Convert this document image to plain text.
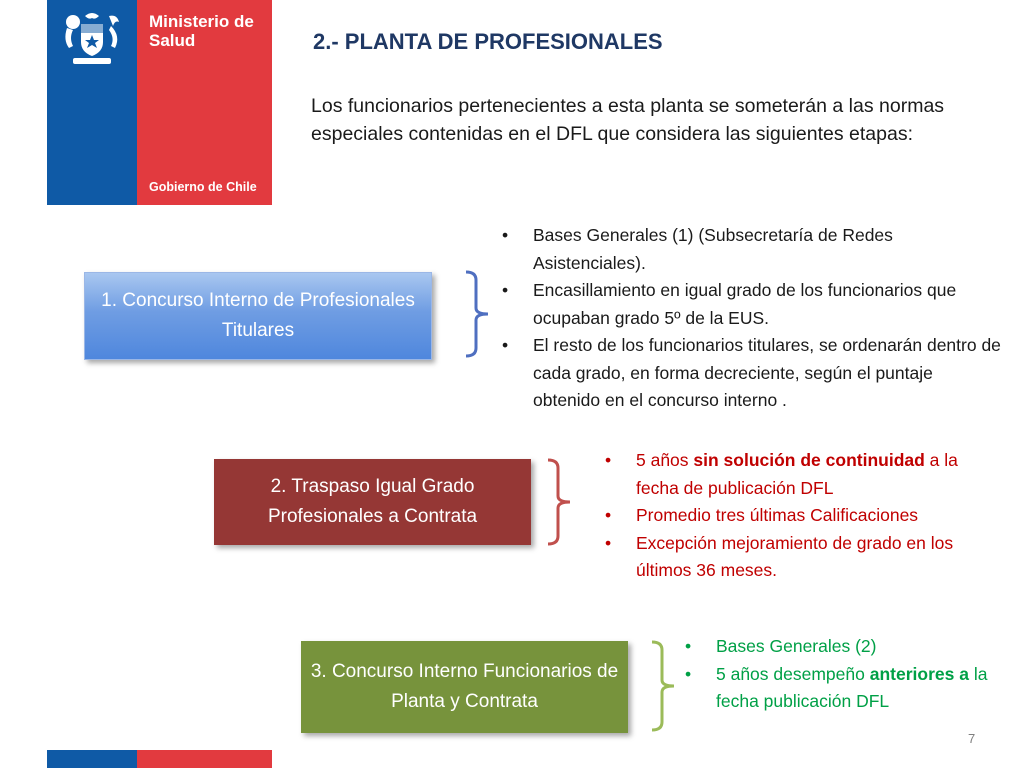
Ministerio de
Salud
Gobierno de Chile
2.- PLANTA DE PROFESIONALES
Los funcionarios pertenecientes a esta planta se someterán a las normas especiales contenidas en el DFL que considera las siguientes etapas:
1. Concurso Interno de Profesionales Titulares
• Bases Generales (1) (Subsecretaría de Redes Asistenciales).
• Encasillamiento en igual grado de los funcionarios que ocupaban grado 5º de la EUS.
• El resto de los funcionarios titulares, se ordenarán dentro de cada grado, en forma decreciente, según el puntaje obtenido en el concurso interno .
2. Traspaso Igual Grado Profesionales a Contrata
• 5 años sin solución de continuidad a la fecha de publicación DFL
• Promedio tres últimas Calificaciones
• Excepción mejoramiento de grado en los últimos 36 meses.
3. Concurso Interno Funcionarios de Planta y Contrata
• Bases Generales (2)
• 5 años desempeño anteriores a la fecha publicación DFL
7
